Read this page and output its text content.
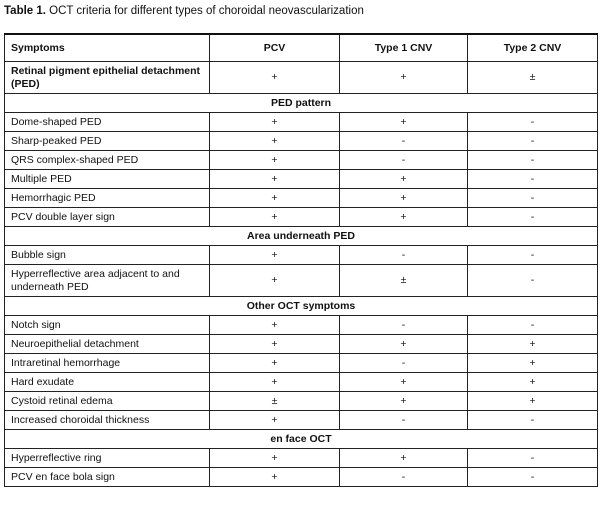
Table 1. OCT criteria for different types of choroidal neovascularization
Symptoms	PCV	Type 1 CNV	Type 2 CNV
Retinal pigment epithelial detachment (PED)	+	+	±
PED pattern			
Dome-shaped PED	+	+	-
Sharp-peaked PED	+	-	-
QRS complex-shaped PED	+	-	-
Multiple PED	+	+	-
Hemorrhagic PED	+	+	-
PCV double layer sign	+	+	-
Area underneath PED			
Bubble sign	+	-	-
Hyperreflective area adjacent to and underneath PED	+	±	-
Other OCT symptoms			
Notch sign	+	-	-
Neuroepithelial detachment	+	+	+
Intraretinal hemorrhage	+	-	+
Hard exudate	+	+	+
Cystoid retinal edema	±	+	+
Increased choroidal thickness	+	-	-
en face OCT			
Hyperreflective ring	+	+	-
PCV en face bola sign	+	-	-
